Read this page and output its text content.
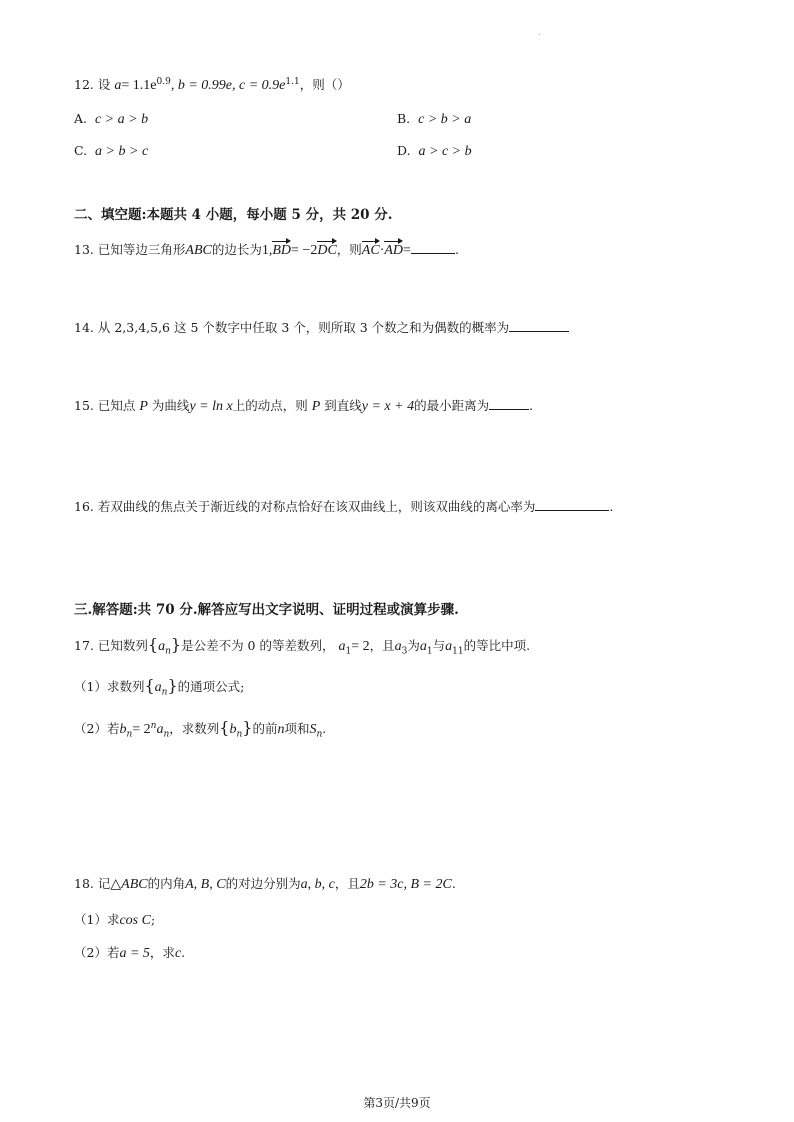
.
12. 设 $a= 1.1e^{0.9}$, b = 0.99e, $c = 0.9e^{1.1}$，则（）
A. c > a > b	B. c > b > a
C. a > b > c	D. a > c > b
二、填空题:本题共 4 小题，每小题 5 分，共 20 分.
13. 已知等边三角形ABC的边长为1,BD= −2DC，则AC·AD=	.
14. 从 2,3,4,5,6 这 5 个数字中任取 3 个，则所取 3 个数之和为偶数的概率为
15. 已知点 P 为曲线y = ln x上的动点，则 P 到直线y = x + 4的最小距离为	.
16. 若双曲线的焦点关于渐近线的对称点恰好在该双曲线上，则该双曲线的离心率为	.
三.解答题:共 70 分.解答应写出文字说明、证明过程或演算步骤.
17. 已知数列$\{a_n\}$是公差不为 0 的等差数列， $a_1= 2$，且$a_3$为$a_1$与$a_{11}$的等比中项.
（1）求数列$\{a_n\}$的通项公式;
（2）若$b_n= 2^na_n$，求数列$\{b_n\}$的前n项和$S_n$.
18. 记△ABC的内角A, B, C的对边分别为a, b, c，且2b = 3c, B = 2C.
（1）求cos C;
（2）若a = 5，求c.
第3页/共9页
